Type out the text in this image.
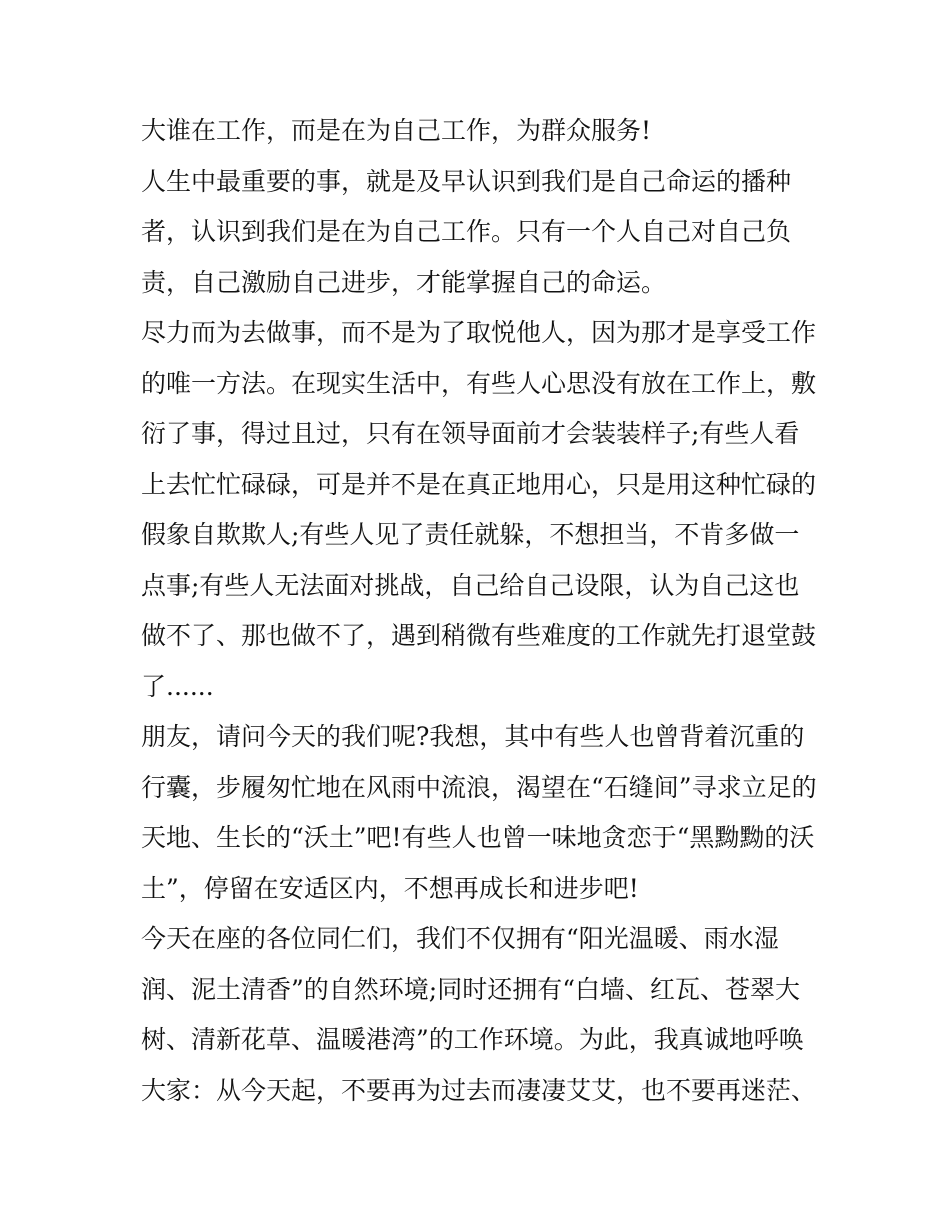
大谁在工作，而是在为自己工作，为群众服务!
人生中最重要的事，就是及早认识到我们是自己命运的播种
者，认识到我们是在为自己工作。只有一个人自己对自己负
责，自己激励自己进步，才能掌握自己的命运。
尽力而为去做事，而不是为了取悦他人，因为那才是享受工作
的唯一方法。在现实生活中，有些人心思没有放在工作上，敷
衍了事，得过且过，只有在领导面前才会装装样子;有些人看
上去忙忙碌碌，可是并不是在真正地用心，只是用这种忙碌的
假象自欺欺人;有些人见了责任就躲，不想担当，不肯多做一
点事;有些人无法面对挑战，自己给自己设限，认为自己这也
做不了、那也做不了，遇到稍微有些难度的工作就先打退堂鼓
了......
朋友，请问今天的我们呢?我想，其中有些人也曾背着沉重的
行囊，步履匆忙地在风雨中流浪，渴望在“石缝间”寻求立足的
天地、生长的“沃土”吧!有些人也曾一味地贪恋于“黑黝黝的沃
土”，停留在安适区内，不想再成长和进步吧!
今天在座的各位同仁们，我们不仅拥有“阳光温暖、雨水湿
润、泥土清香”的自然环境;同时还拥有“白墙、红瓦、苍翠大
树、清新花草、温暖港湾”的工作环境。为此，我真诚地呼唤
大家：从今天起，不要再为过去而凄凄艾艾，也不要再迷茫、
